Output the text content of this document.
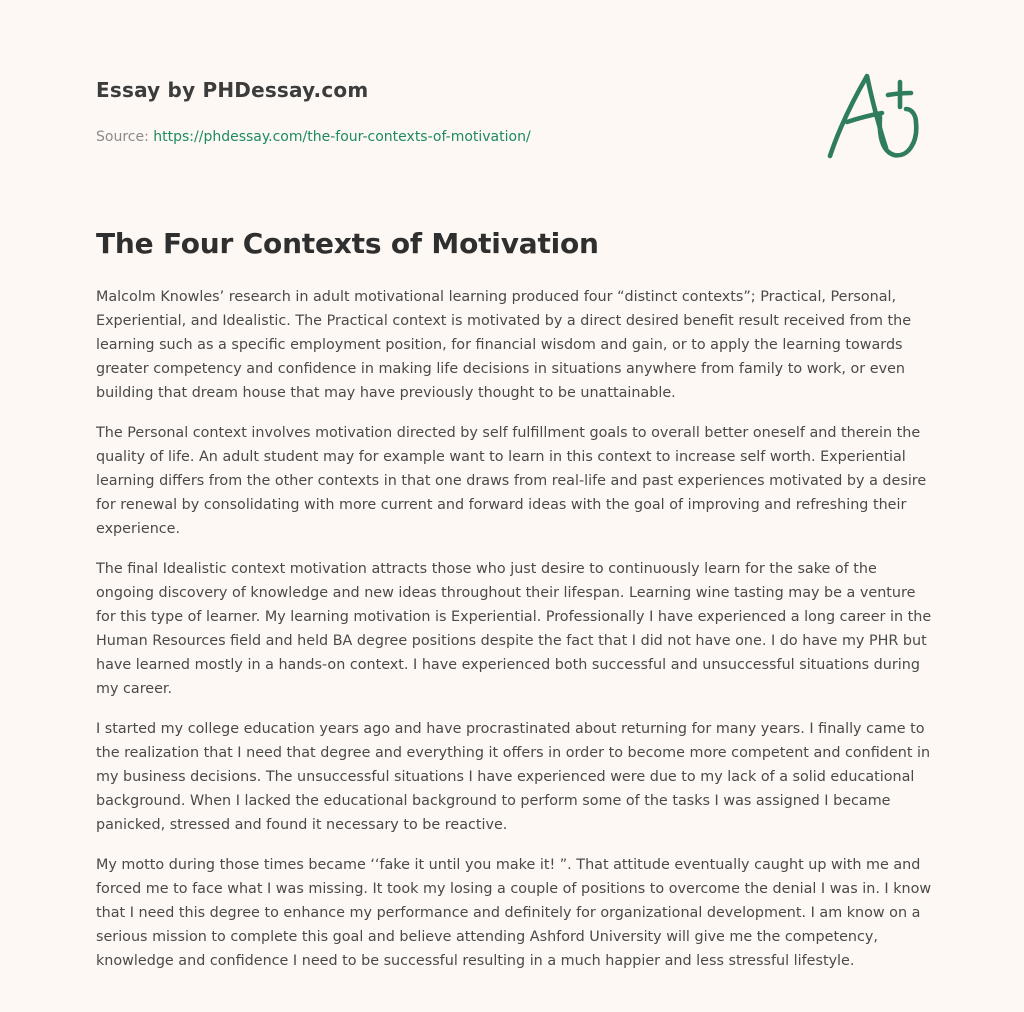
Essay by PHDessay.com
Source: https://phdessay.com/the-four-contexts-of-motivation/
The Four Contexts of Motivation

Malcolm Knowles’ research in adult motivational learning produced four “distinct contexts”; Practical, Personal, Experiential, and Idealistic. The Practical context is motivated by a direct desired benefit result received from the learning such as a specific employment position, for financial wisdom and gain, or to apply the learning towards greater competency and confidence in making life decisions in situations anywhere from family to work, or even building that dream house that may have previously thought to be unattainable.

The Personal context involves motivation directed by self fulfillment goals to overall better oneself and therein the quality of life. An adult student may for example want to learn in this context to increase self worth. Experiential learning differs from the other contexts in that one draws from real-life and past experiences motivated by a desire for renewal by consolidating with more current and forward ideas with the goal of improving and refreshing their experience.

The final Idealistic context motivation attracts those who just desire to continuously learn for the sake of the ongoing discovery of knowledge and new ideas throughout their lifespan. Learning wine tasting may be a venture for this type of learner. My learning motivation is Experiential. Professionally I have experienced a long career in the Human Resources field and held BA degree positions despite the fact that I did not have one. I do have my PHR but have learned mostly in a hands-on context. I have experienced both successful and unsuccessful situations during my career.

I started my college education years ago and have procrastinated about returning for many years. I finally came to the realization that I need that degree and everything it offers in order to become more competent and confident in my business decisions. The unsuccessful situations I have experienced were due to my lack of a solid educational background. When I lacked the educational background to perform some of the tasks I was assigned I became panicked, stressed and found it necessary to be reactive.

My motto during those times became ‘‘fake it until you make it! ”. That attitude eventually caught up with me and forced me to face what I was missing. It took my losing a couple of positions to overcome the denial I was in. I know that I need this degree to enhance my performance and definitely for organizational development. I am know on a serious mission to complete this goal and believe attending Ashford University will give me the competency, knowledge and confidence I need to be successful resulting in a much happier and less stressful lifestyle.
